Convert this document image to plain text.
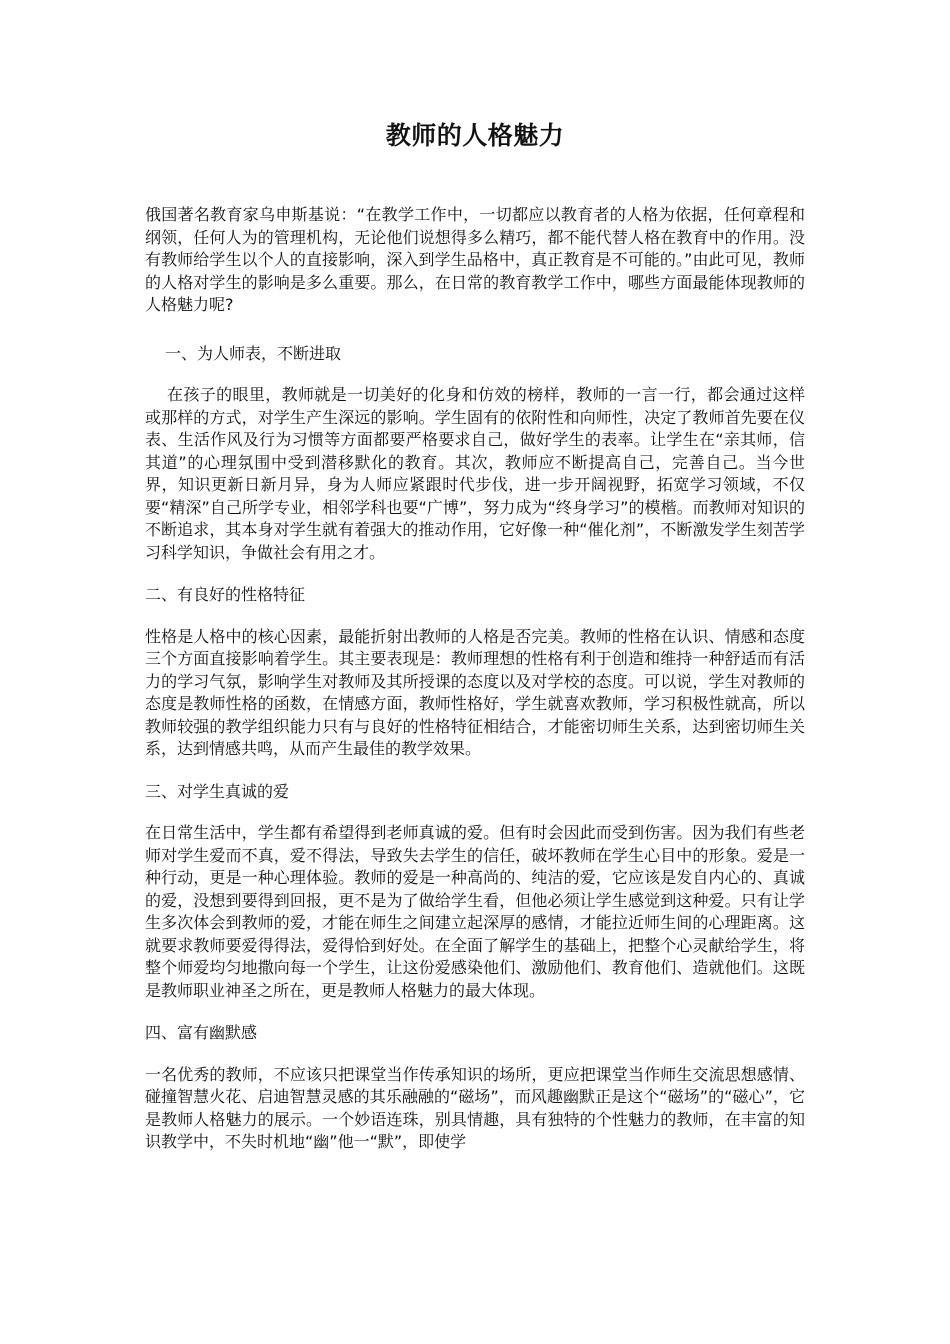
教师的人格魅力

俄国著名教育家乌申斯基说：“在教学工作中，一切都应以教育者的人格为依据，任何章程和纲领，任何人为的管理机构，无论他们说想得多么精巧，都不能代替人格在教育中的作用。没有教师给学生以个人的直接影响，深入到学生品格中，真正教育是不可能的。”由此可见，教师的人格对学生的影响是多么重要。那么，在日常的教育教学工作中，哪些方面最能体现教师的人格魅力呢?

一、为人师表，不断进取

在孩子的眼里，教师就是一切美好的化身和仿效的榜样，教师的一言一行，都会通过这样或那样的方式，对学生产生深远的影响。学生固有的依附性和向师性，决定了教师首先要在仪表、生活作风及行为习惯等方面都要严格要求自己，做好学生的表率。让学生在“亲其师，信其道”的心理氛围中受到潜移默化的教育。其次，教师应不断提高自己，完善自己。当今世界，知识更新日新月异，身为人师应紧跟时代步伐，进一步开阔视野，拓宽学习领域，不仅要“精深”自己所学专业，相邻学科也要“广博”，努力成为“终身学习”的模楷。而教师对知识的不断追求，其本身对学生就有着强大的推动作用，它好像一种“催化剂”，不断激发学生刻苦学习科学知识，争做社会有用之才。

二、有良好的性格特征

性格是人格中的核心因素，最能折射出教师的人格是否完美。教师的性格在认识、情感和态度三个方面直接影响着学生。其主要表现是：教师理想的性格有利于创造和维持一种舒适而有活力的学习气氛，影响学生对教师及其所授课的态度以及对学校的态度。可以说，学生对教师的态度是教师性格的函数，在情感方面，教师性格好，学生就喜欢教师，学习积极性就高，所以教师较强的教学组织能力只有与良好的性格特征相结合，才能密切师生关系，达到密切师生关系，达到情感共鸣，从而产生最佳的教学效果。

三、对学生真诚的爱

在日常生活中，学生都有希望得到老师真诚的爱。但有时会因此而受到伤害。因为我们有些老师对学生爱而不真，爱不得法，导致失去学生的信任，破坏教师在学生心目中的形象。爱是一种行动，更是一种心理体验。教师的爱是一种高尚的、纯洁的爱，它应该是发自内心的、真诚的爱，没想到要得到回报，更不是为了做给学生看，但他必须让学生感觉到这种爱。只有让学生多次体会到教师的爱，才能在师生之间建立起深厚的感情，才能拉近师生间的心理距离。这就要求教师要爱得得法，爱得恰到好处。在全面了解学生的基础上，把整个心灵献给学生，将整个师爱均匀地撒向每一个学生，让这份爱感染他们、激励他们、教育他们、造就他们。这既是教师职业神圣之所在，更是教师人格魅力的最大体现。

四、富有幽默感

一名优秀的教师，不应该只把课堂当作传承知识的场所，更应把课堂当作师生交流思想感情、碰撞智慧火花、启迪智慧灵感的其乐融融的“磁场”，而风趣幽默正是这个“磁场”的“磁心”，它是教师人格魅力的展示。一个妙语连珠，别具情趣，具有独特的个性魅力的教师，在丰富的知识教学中，不失时机地“幽”他一“默”，即使学
